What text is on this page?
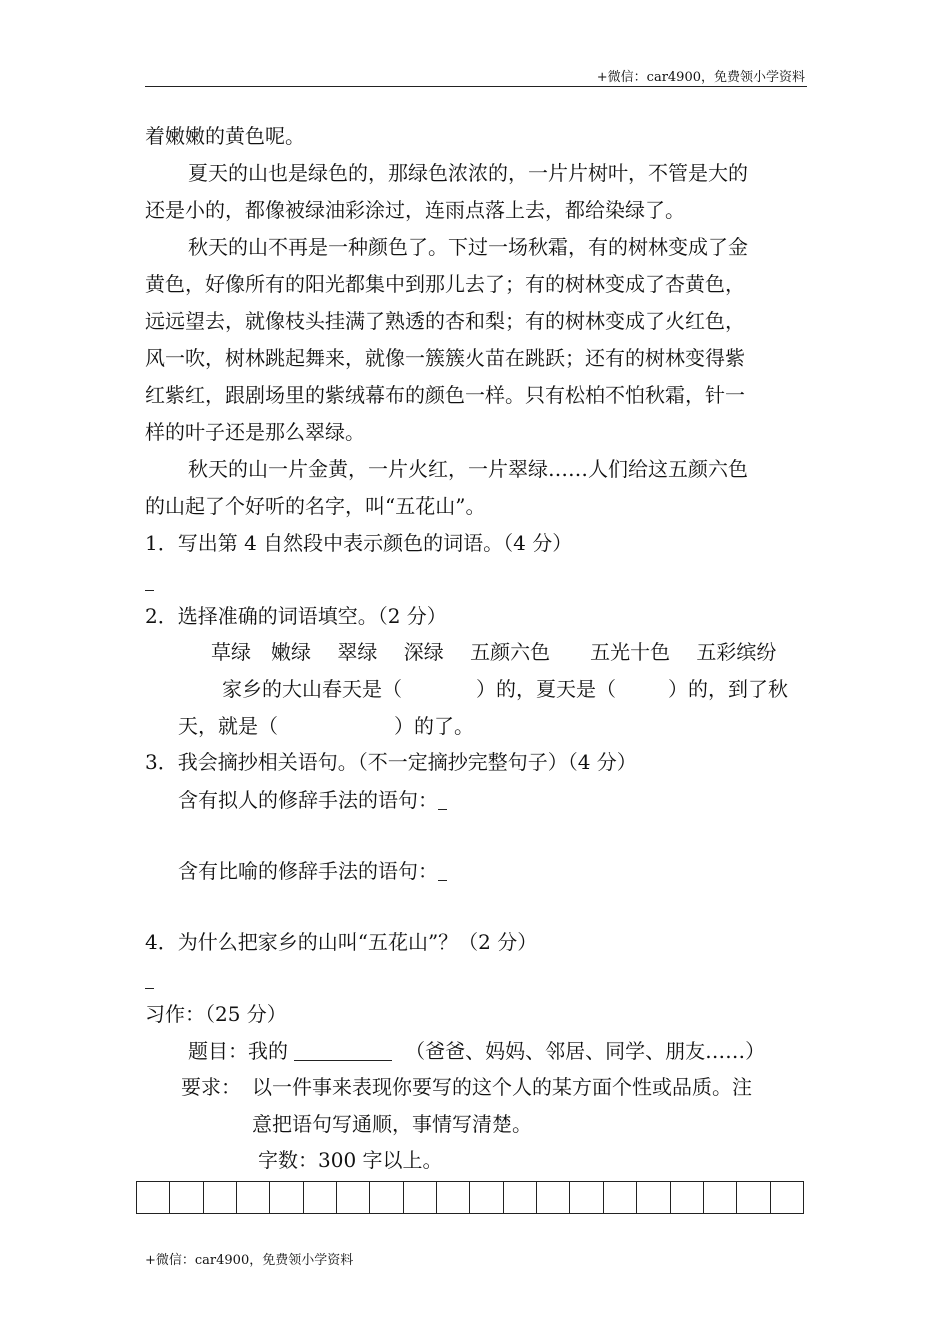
+微信：car4900，免费领小学资料
着嫩嫩的黄色呢。
夏天的山也是绿色的，那绿色浓浓的，一片片树叶，不管是大的
还是小的，都像被绿油彩涂过，连雨点落上去，都给染绿了。
秋天的山不再是一种颜色了。下过一场秋霜，有的树林变成了金
黄色，好像所有的阳光都集中到那儿去了；有的树林变成了杏黄色，
远远望去，就像枝头挂满了熟透的杏和梨；有的树林变成了火红色，
风一吹，树林跳起舞来，就像一簇簇火苗在跳跃；还有的树林变得紫
红紫红，跟剧场里的紫绒幕布的颜色一样。只有松柏不怕秋霜，针一
样的叶子还是那么翠绿。
秋天的山一片金黄，一片火红，一片翠绿……人们给这五颜六色
的山起了个好听的名字，叫“五花山”。
1．写出第 4 自然段中表示颜色的词语。（4 分）
2．选择准确的词语填空。（2 分）
草绿　嫩绿　 翠绿　 深绿　 五颜六色　　五光十色　 五彩缤纷
家乡的大山春天是（	）的，夏天是（	）的，到了秋
天，就是（	）的了。
3．我会摘抄相关语句。（不一定摘抄完整句子）（4 分）
含有拟人的修辞手法的语句：
含有比喻的修辞手法的语句：
4．为什么把家乡的山叫“五花山”？（2 分）
习作：（25 分）
题目：我的	（爸爸、妈妈、邻居、同学、朋友……）
要求： 以一件事来表现你要写的这个人的某方面个性或品质。注
意把语句写通顺，事情写清楚。
字数：300 字以上。
+微信：car4900，免费领小学资料
